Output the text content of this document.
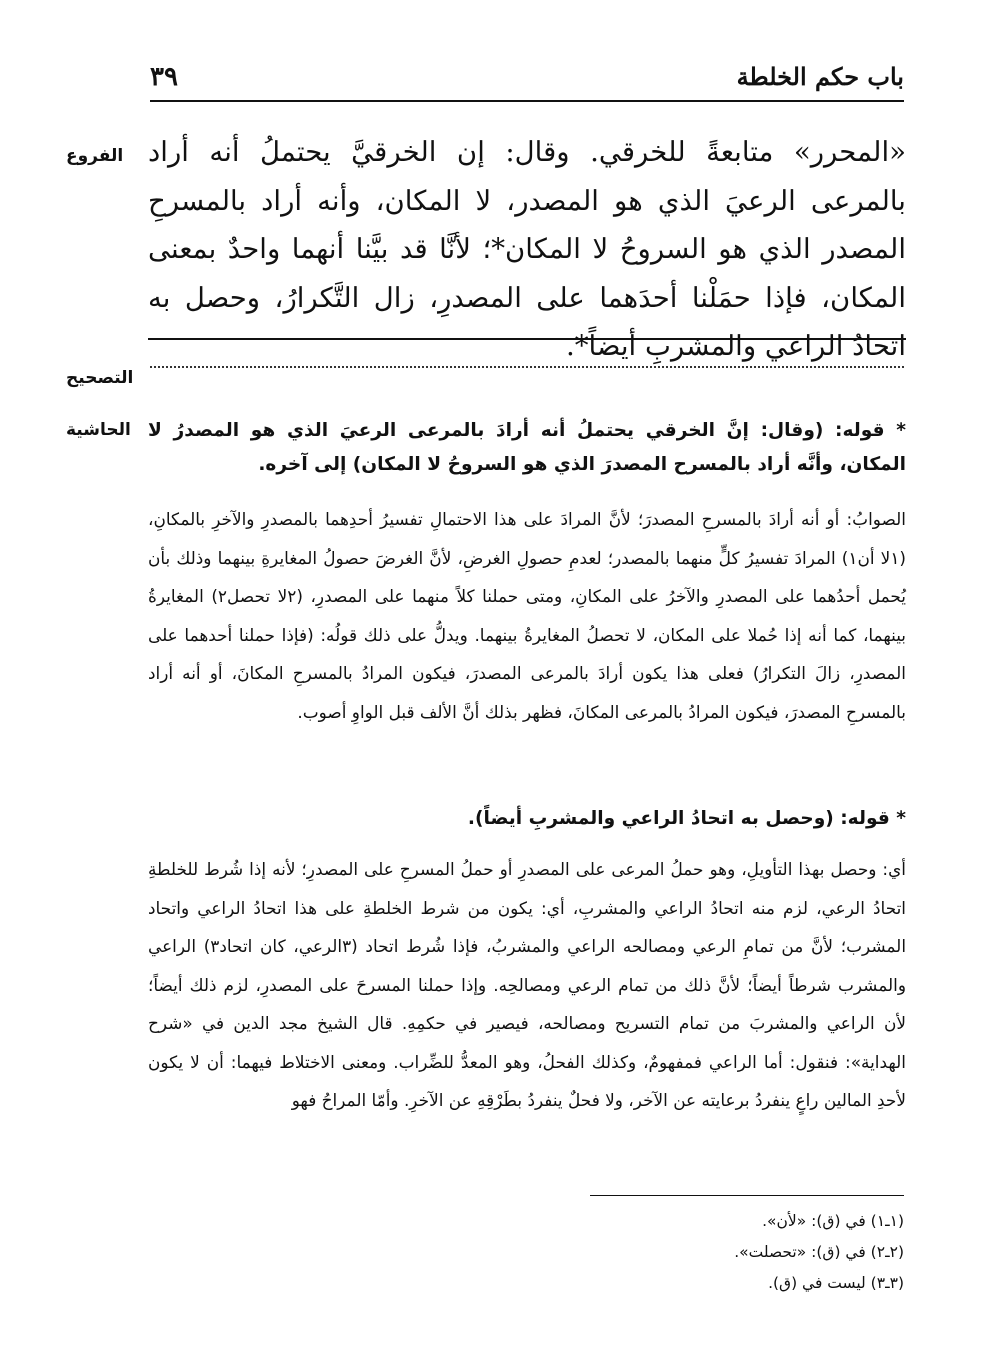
باب حكم الخلطة
٣٩
الفروع «المحرر» متابعةً للخرقي. وقال: إن الخرقيَّ يحتملُ أنه أراد بالمرعى الرعيَ الذي هو المصدر، لا المكان، وأنه أراد بالمسرحِ المصدر الذي هو السروحُ لا المكان*؛ لأنَّا قد بيَّنا أنهما واحدٌ بمعنى المكان، فإذا حمَلْنا أحدَهما على المصدرِ، زال التَّكرارُ، وحصل به اتحادُ الراعي والمشربِ أيضاً*.

التصحيح
الحاشية	* قوله: (وقال: إنَّ الخرقي يحتملُ أنه أرادَ بالمرعى الرعيَ الذي هو المصدرُ لا المكان، وأنَّه أراد بالمسرح المصدرَ الذي هو السروحُ لا المكان) إلى آخره.

الصوابُ: أو أنه أرادَ بالمسرحِ المصدرَ؛ لأنَّ المرادَ على هذا الاحتمالِ تفسيرُ أحدِهما بالمصدرِ والآخرِ بالمكانِ، (١لا أن١) المرادَ تفسيرُ كلٍّ منهما بالمصدر؛ لعدمِ حصولِ الغرضِ، لأنَّ الغرضَ حصولُ المغايرةِ بينهما وذلك بأن يُحمل أحدُهما على المصدرِ والآخرُ على المكانِ، ومتى حملنا كلاً منهما على المصدرِ، (٢لا تحصل٢) المغايرةُ بينهما، كما أنه إذا حُملا على المكان، لا تحصلُ المغايرةُ بينهما. ويدلُّ على ذلك قولُه: (فإذا حملنا أحدهما على المصدرِ، زالَ التكرارُ) فعلى هذا يكون أرادَ بالمرعى المصدرَ، فيكون المرادُ بالمسرحِ المكانَ، أو أنه أراد بالمسرحِ المصدرَ، فيكون المرادُ بالمرعى المكانَ، فظهر بذلك أنَّ الألف قبل الواوِ أصوب.

* قوله: (وحصل به اتحادُ الراعي والمشربِ أيضاً).

أي: وحصل بهذا التأويلِ، وهو حملُ المرعى على المصدرِ أو حملُ المسرحِ على المصدرِ؛ لأنه إذا شُرط للخلطةِ اتحادُ الرعي، لزم منه اتحادُ الراعي والمشربِ، أي: يكون من شرط الخلطةِ على هذا اتحادُ الراعي واتحاد المشرب؛ لأنَّ من تمامِ الرعي ومصالحه الراعي والمشربُ، فإذا شُرط اتحاد (٣الرعي، كان اتحاد٣) الراعي والمشرب شرطاً أيضاً؛ لأنَّ ذلك من تمام الرعي ومصالحِه. وإذا حملنا المسرحَ على المصدرِ، لزم ذلك أيضاً؛ لأن الراعي والمشربَ من تمام التسريح ومصالحه، فيصير في حكمِهِ. قال الشيخ مجد الدين في «شرح الهداية»: فنقول: أما الراعي فمفهومٌ، وكذلك الفحلُ، وهو المعدُّ للضِّراب. ومعنى الاختلاط فيهما: أن لا يكون لأحدِ المالين راعٍ ينفردُ برعايته عن الآخر، ولا فحلٌ ينفردُ بطَرْقِهِ عن الآخرِ. وأمّا المراحُ فهو

(١ـ١) في (ق): «لأن».
(٢ـ٢) في (ق): «تحصلت».
(٣ـ٣) ليست في (ق).
